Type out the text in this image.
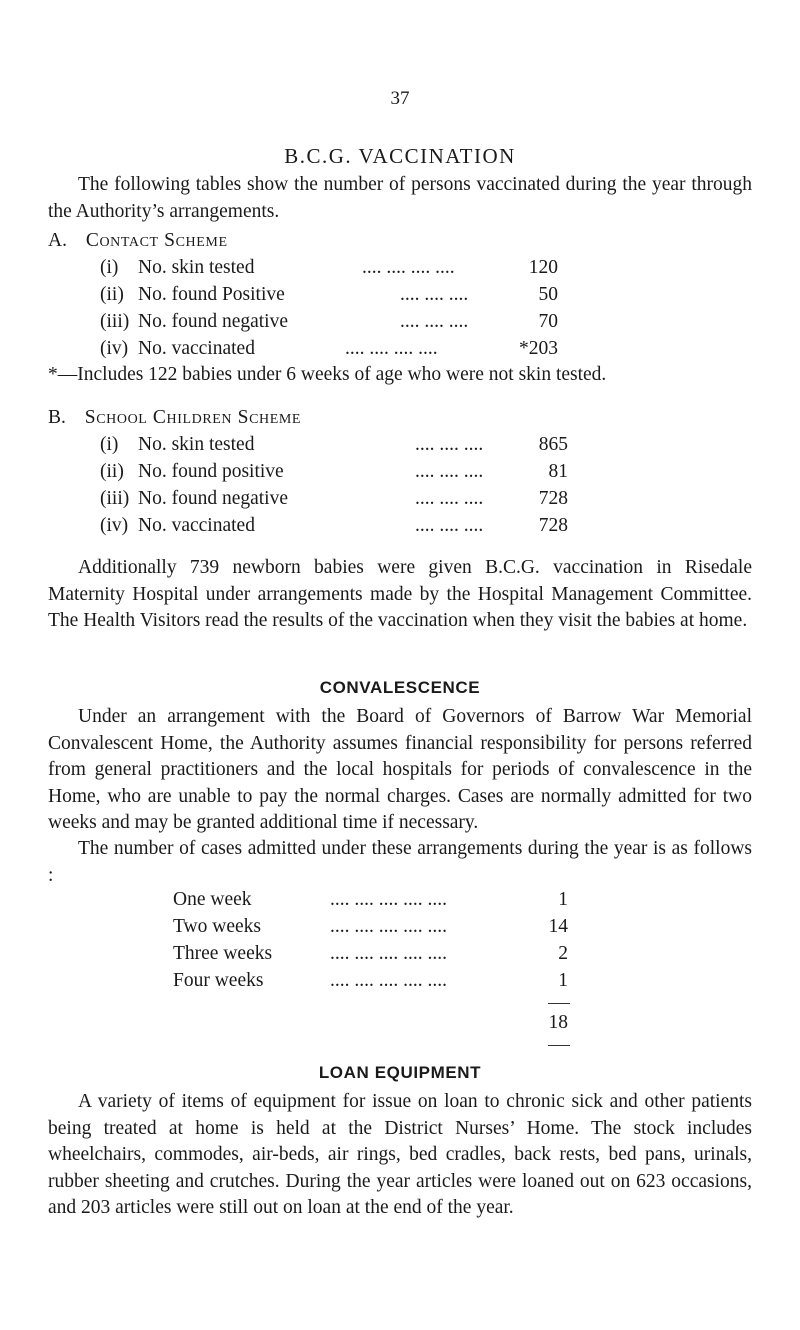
37
B.C.G. VACCINATION

The following tables show the number of persons vaccinated during the year through the Authority’s arrangements.

A. Contact Scheme
(i) No. skin tested	.... .... .... ....	120
(ii) No. found Positive	.... .... ....	50
(iii) No. found negative	.... .... ....	70
(iv) No. vaccinated	.... .... .... ....	*203
*—Includes 122 babies under 6 weeks of age who were not skin tested.
B. School Children Scheme
(i) No. skin tested	.... .... ....	865
(ii) No. found positive	.... .... ....	81
(iii) No. found negative	.... .... ....	728
(iv) No. vaccinated	.... .... ....	728

Additionally 739 newborn babies were given B.C.G. vaccination in Risedale Maternity Hospital under arrangements made by the Hospital Management Committee. The Health Visitors read the results of the vaccination when they visit the babies at home.

CONVALESCENCE

Under an arrangement with the Board of Governors of Barrow War Memorial Convalescent Home, the Authority assumes financial responsibility for persons referred from general practitioners and the local hospitals for periods of convalescence in the Home, who are unable to pay the normal charges. Cases are normally admitted for two weeks and may be granted additional time if necessary.

The number of cases admitted under these arrangements during the year is as follows :

One week	.... .... .... .... ....	1
Two weeks	.... .... .... .... ....	14
Three weeks	.... .... .... .... ....	2
Four weeks	.... .... .... .... ....	1
18
LOAN EQUIPMENT

A variety of items of equipment for issue on loan to chronic sick and other patients being treated at home is held at the District Nurses’ Home. The stock includes wheelchairs, commodes, air-beds, air rings, bed cradles, back rests, bed pans, urinals, rubber sheeting and crutches. During the year articles were loaned out on 623 occasions, and 203 articles were still out on loan at the end of the year.
